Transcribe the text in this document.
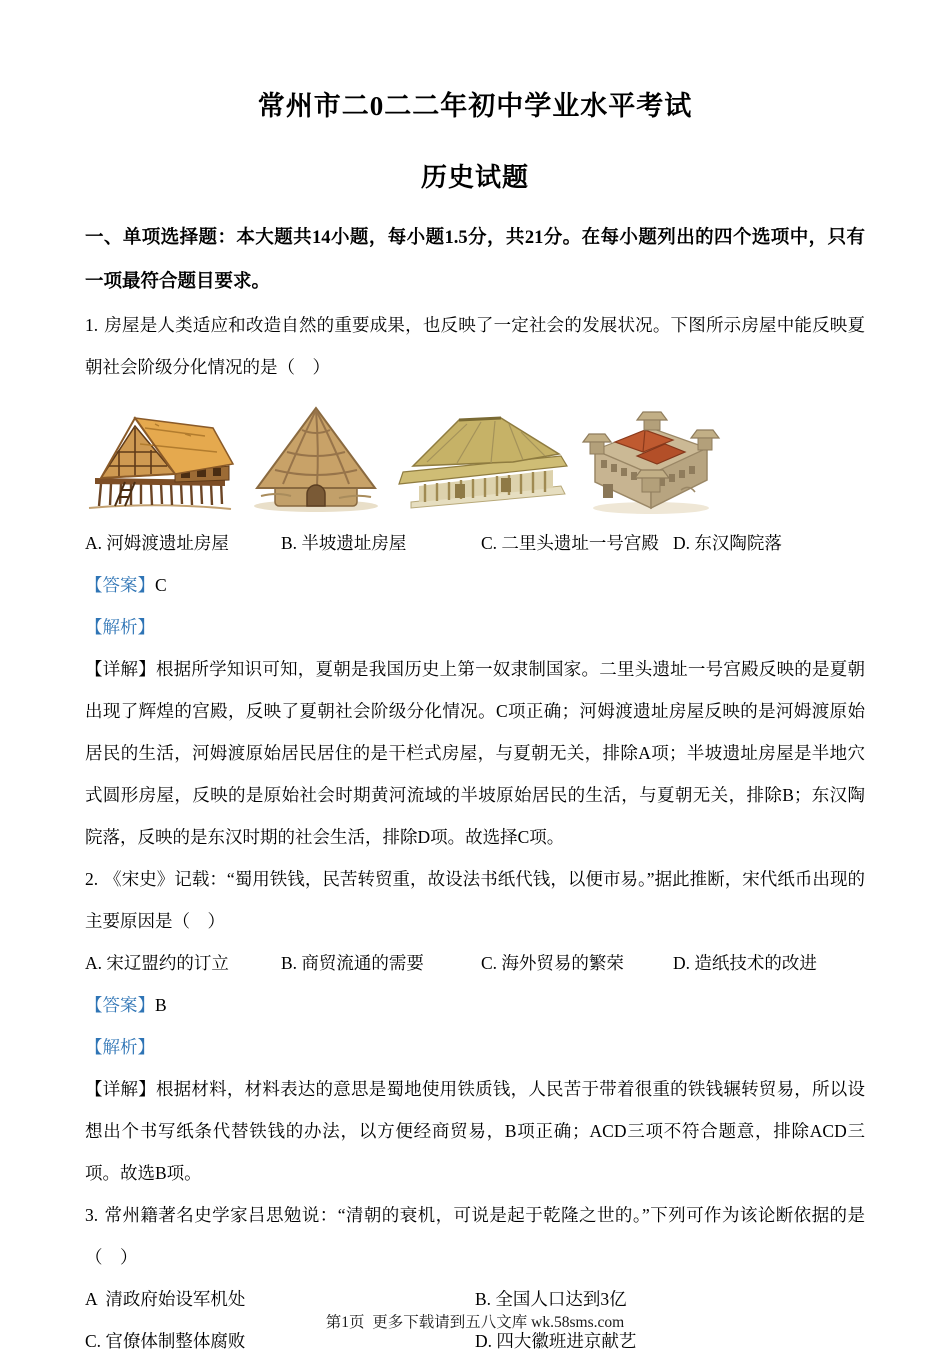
常州市二0二二年初中学业水平考试
历史试题

一、单项选择题：本大题共14小题，每小题1.5分，共21分。在每小题列出的四个选项中，只有一项最符合题目要求。

1. 房屋是人类适应和改造自然的重要成果，也反映了一定社会的发展状况。下图所示房屋中能反映夏朝社会阶级分化情况的是（　）

A. 河姆渡遗址房屋	B. 半坡遗址房屋	C. 二里头遗址一号宫殿 D. 东汉陶院落

【答案】C

【解析】

【详解】根据所学知识可知，夏朝是我国历史上第一奴隶制国家。二里头遗址一号宫殿反映的是夏朝出现了辉煌的宫殿，反映了夏朝社会阶级分化情况。C项正确；河姆渡遗址房屋反映的是河姆渡原始居民的生活，河姆渡原始居民居住的是干栏式房屋，与夏朝无关，排除A项；半坡遗址房屋是半地穴式圆形房屋，反映的是原始社会时期黄河流域的半坡原始居民的生活，与夏朝无关，排除B；东汉陶院落，反映的是东汉时期的社会生活，排除D项。故选择C项。

2. 《宋史》记载：“蜀用铁钱，民苦转贸重，故设法书纸代钱，以便市易。”据此推断，宋代纸币出现的主要原因是（　）

A. 宋辽盟约的订立	B. 商贸流通的需要	C. 海外贸易的繁荣	D. 造纸技术的改进

【答案】B

【解析】

【详解】根据材料，材料表达的意思是蜀地使用铁质钱，人民苦于带着很重的铁钱辗转贸易，所以设想出个书写纸条代替铁钱的办法，以方便经商贸易，B项正确；ACD三项不符合题意，排除ACD三项。故选B项。

3. 常州籍著名史学家吕思勉说：“清朝的衰机，可说是起于乾隆之世的。”下列可作为该论断依据的是（　）

A  清政府始设军机处	B. 全国人口达到3亿
C. 官僚体制整体腐败	D. 四大徽班进京献艺
第1页  更多下载请到五八文库 wk.58sms.com
